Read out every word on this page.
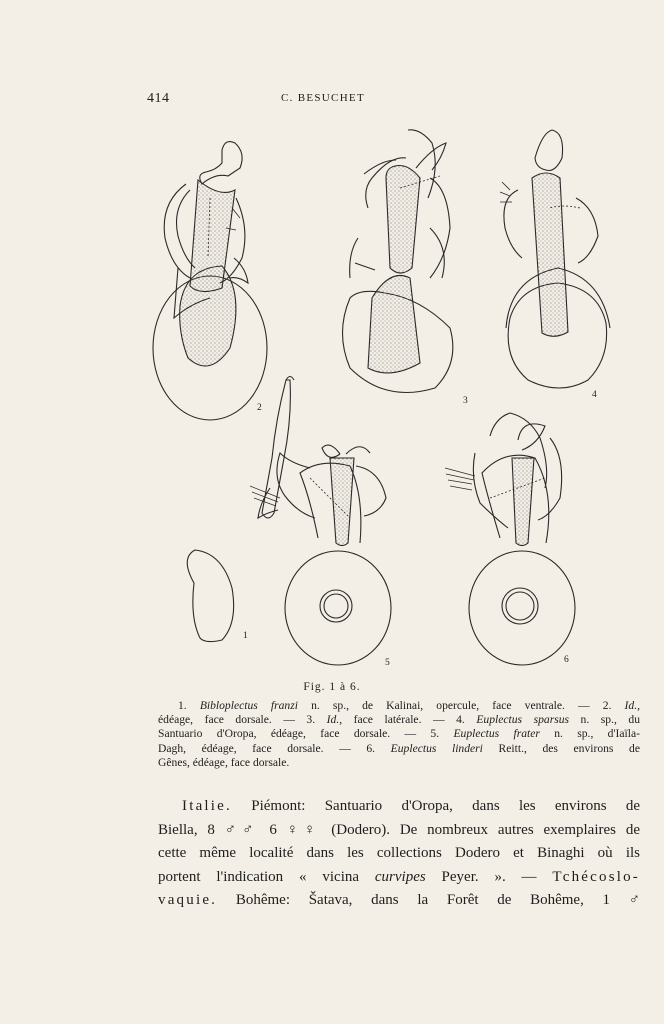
414	C. BESUCHET
1
2
3
4
5	6
Fig. 1 à 6.
1. Bibloplectus franzi n. sp., de Kalinai, opercule, face ventrale. — 2. Id.,
édéage, face dorsale. — 3. Id., face latérale. — 4. Euplectus sparsus n. sp., du
Santuario d'Oropa, édéage, face dorsale. — 5. Euplectus frater n. sp., d'Iaïla-
Dagh, édéage, face dorsale. — 6. Euplectus linderi Reitt., des environs de
Gênes, édéage, face dorsale.
Italie. Piémont: Santuario d'Oropa, dans les environs de
Biella, 8 ♂♂ 6 ♀♀ (Dodero). De nombreux autres exemplaires de
cette même localité dans les collections Dodero et Binaghi où ils
portent l'indication « vicina curvipes Peyer. ». — Tchécoslo-
vaquie. Bohême: Šatava, dans la Forêt de Bohême, 1 ♂
